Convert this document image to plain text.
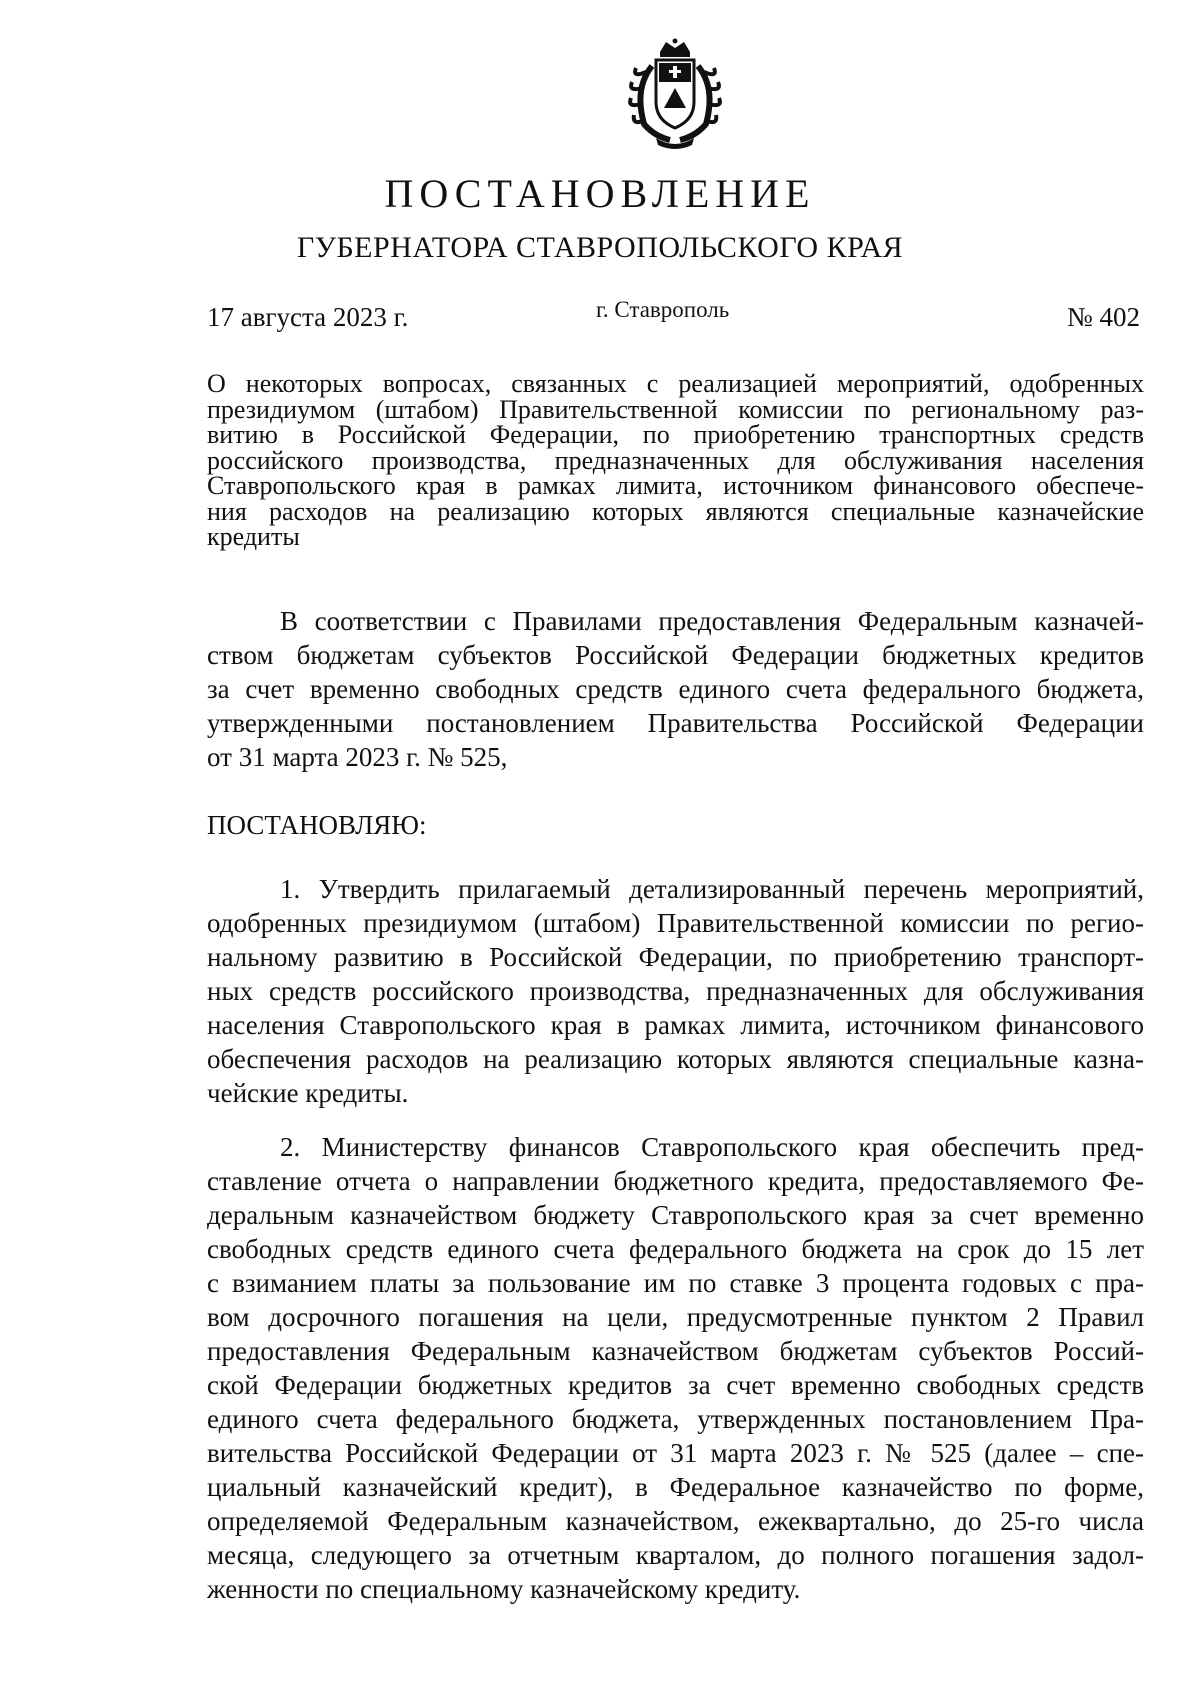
ПОСТАНОВЛЕНИЕ
ГУБЕРНАТОРА СТАВРОПОЛЬСКОГО КРАЯ
17 августа 2023 г.	г. Ставрополь	№ 402
О некоторых вопросах, связанных с реализацией мероприятий, одобренных
президиумом (штабом) Правительственной комиссии по региональному раз-
витию в Российской Федерации, по приобретению транспортных средств
российского производства, предназначенных для обслуживания населения
Ставропольского края в рамках лимита, источником финансового обеспече-
ния расходов на реализацию которых являются специальные казначейские
кредиты
В соответствии с Правилами предоставления Федеральным казначей-
ством бюджетам субъектов Российской Федерации бюджетных кредитов
за счет временно свободных средств единого счета федерального бюджета,
утвержденными постановлением Правительства Российской Федерации
от 31 марта 2023 г. № 525,
ПОСТАНОВЛЯЮ:
1. Утвердить прилагаемый детализированный перечень мероприятий,
одобренных президиумом (штабом) Правительственной комиссии по регио-
нальному развитию в Российской Федерации, по приобретению транспорт-
ных средств российского производства, предназначенных для обслуживания
населения Ставропольского края в рамках лимита, источником финансового
обеспечения расходов на реализацию которых являются специальные казна-
чейские кредиты.
2. Министерству финансов Ставропольского края обеспечить пред-
ставление отчета о направлении бюджетного кредита, предоставляемого Фе-
деральным казначейством бюджету Ставропольского края за счет временно
свободных средств единого счета федерального бюджета на срок до 15 лет
с взиманием платы за пользование им по ставке 3 процента годовых с пра-
вом досрочного погашения на цели, предусмотренные пунктом 2 Правил
предоставления Федеральным казначейством бюджетам субъектов Россий-
ской Федерации бюджетных кредитов за счет временно свободных средств
единого счета федерального бюджета, утвержденных постановлением Пра-
вительства Российской Федерации от 31 марта 2023 г. № 525 (далее – спе-
циальный казначейский кредит), в Федеральное казначейство по форме,
определяемой Федеральным казначейством, ежеквартально, до 25-го числа
месяца, следующего за отчетным кварталом, до полного погашения задол-
женности по специальному казначейскому кредиту.
